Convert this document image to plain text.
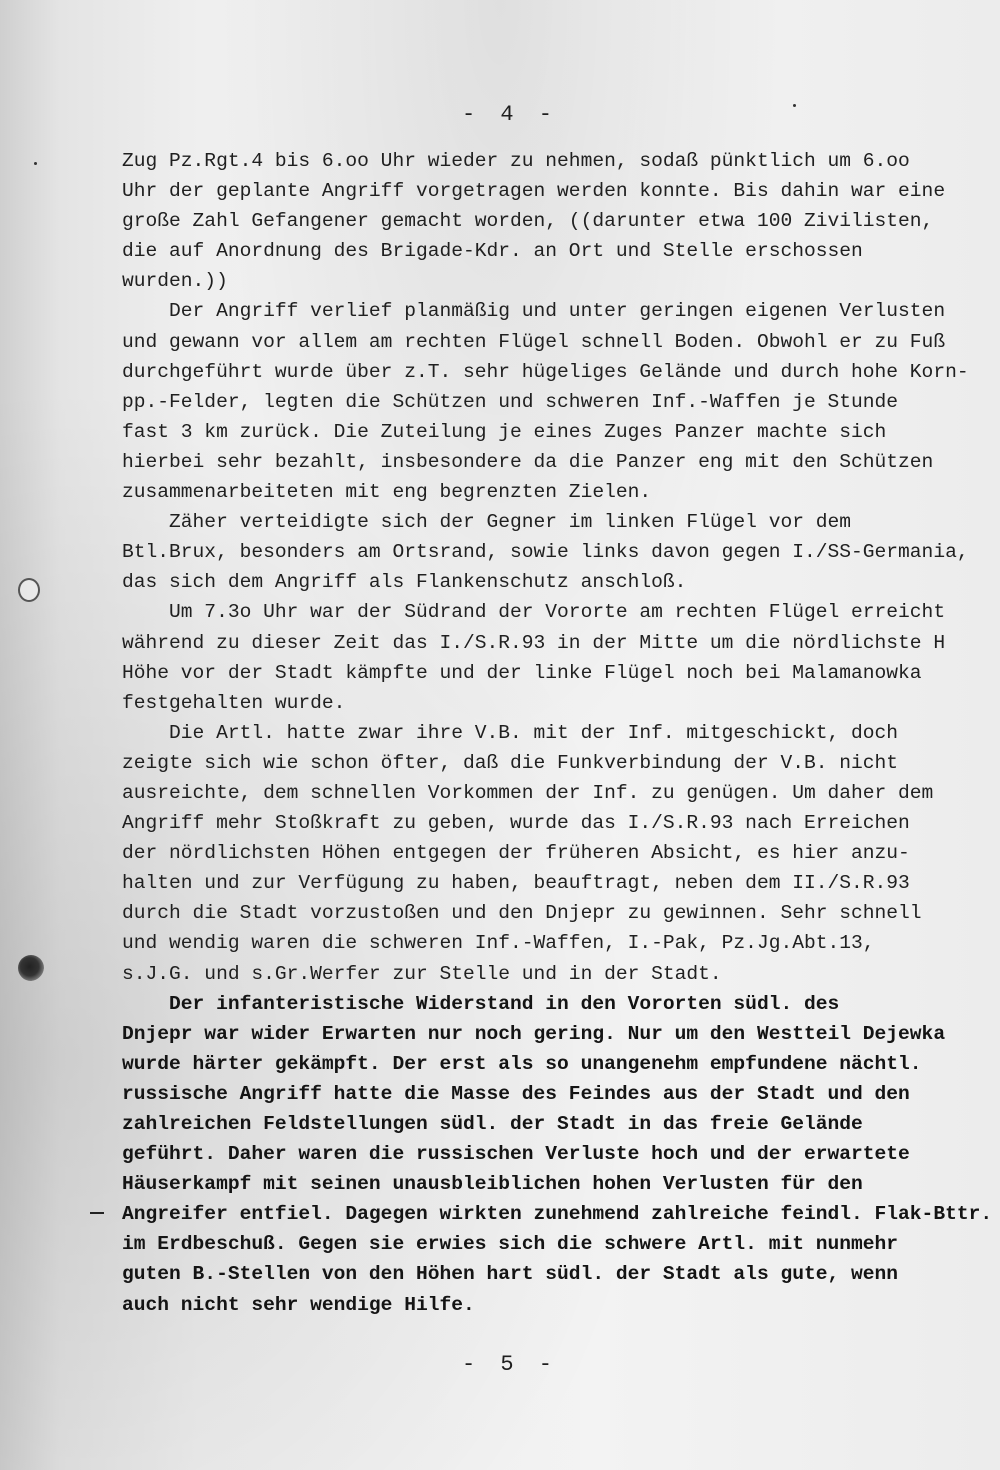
- 4 -
Zug Pz.Rgt.4 bis 6.oo Uhr wieder zu nehmen, sodaß pünktlich um 6.oo
Uhr der geplante Angriff vorgetragen werden konnte. Bis dahin war eine
große Zahl Gefangener gemacht worden, ((darunter etwa 100 Zivilisten,
die auf Anordnung des Brigade-Kdr. an Ort und Stelle erschossen
wurden.))
Der Angriff verlief planmäßig und unter geringen eigenen Verlusten
und gewann vor allem am rechten Flügel schnell Boden. Obwohl er zu Fuß
durchgeführt wurde über z.T. sehr hügeliges Gelände und durch hohe Korn-
pp.-Felder, legten die Schützen und schweren Inf.-Waffen je Stunde
fast 3 km zurück. Die Zuteilung je eines Zuges Panzer machte sich
hierbei sehr bezahlt, insbesondere da die Panzer eng mit den Schützen
zusammenarbeiteten mit eng begrenzten Zielen.
Zäher verteidigte sich der Gegner im linken Flügel vor dem
Btl.Brux, besonders am Ortsrand, sowie links davon gegen I./SS-Germania,
das sich dem Angriff als Flankenschutz anschloß.
Um 7.3o Uhr war der Südrand der Vororte am rechten Flügel erreicht
während zu dieser Zeit das I./S.R.93 in der Mitte um die nördlichste H
Höhe vor der Stadt kämpfte und der linke Flügel noch bei Malamanowka
festgehalten wurde.
Die Artl. hatte zwar ihre V.B. mit der Inf. mitgeschickt, doch
zeigte sich wie schon öfter, daß die Funkverbindung der V.B. nicht
ausreichte, dem schnellen Vorkommen der Inf. zu genügen. Um daher dem
Angriff mehr Stoßkraft zu geben, wurde das I./S.R.93 nach Erreichen
der nördlichsten Höhen entgegen der früheren Absicht, es hier anzu-
halten und zur Verfügung zu haben, beauftragt, neben dem II./S.R.93
durch die Stadt vorzustoßen und den Dnjepr zu gewinnen. Sehr schnell
und wendig waren die schweren Inf.-Waffen, I.-Pak, Pz.Jg.Abt.13,
s.J.G. und s.Gr.Werfer zur Stelle und in der Stadt.
Der infanteristische Widerstand in den Vororten südl. des
Dnjepr war wider Erwarten nur noch gering. Nur um den Westteil Dejewka
wurde härter gekämpft. Der erst als so unangenehm empfundene nächtl.
russische Angriff hatte die Masse des Feindes aus der Stadt und den
zahlreichen Feldstellungen südl. der Stadt in das freie Gelände
geführt. Daher waren die russischen Verluste hoch und der erwartete
Häuserkampf mit seinen unausbleiblichen hohen Verlusten für den
Angreifer entfiel. Dagegen wirkten zunehmend zahlreiche feindl. Flak-Bttr.
im Erdbeschuß. Gegen sie erwies sich die schwere Artl. mit nunmehr
guten B.-Stellen von den Höhen hart südl. der Stadt als gute, wenn
auch nicht sehr wendige Hilfe.
- 5 -
